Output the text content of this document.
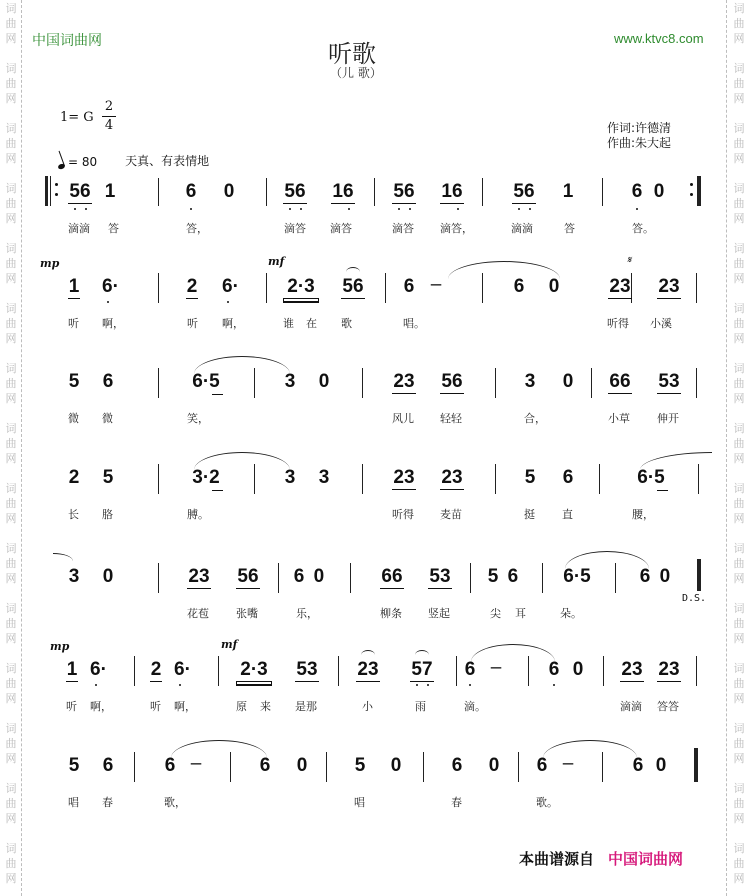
词
曲
网
词
曲
网
词
曲
网
词
曲
网
词
曲
网
词
曲
网
词
曲
网
词
曲
网
词
曲
网
词
曲
网
词
曲
网
词
曲
网
词
曲
网
词
曲
网
词
曲
网
词
曲
网
词
曲
网
词
曲
网
词
曲
网
词
曲
网
词
曲
网
词
曲
网
词
曲
网
词
曲
网
词
曲
网
词
曲
网
词
曲
网
词
曲
网
词
曲
网
词
曲
网
中国词曲网	www.ktvc8.com
听歌
（儿 歌）
1= G
2
4
= 80 天真、有表情地
作词:许德清
作曲:朱大起
56 1	6 0	56 16 56 16	56 1	6 0
滴滴 答	答，	滴答 滴答	滴答 滴答，	滴滴	答	答。
mp
1 6·	2 6·
mf
2·3 56 6 –	6 0
𝄋
23 23
听 啊，	听 啊，	谁 在 歌	唱。	听得 小溪
5 6	6·5	3 0	23 56	3 0 66 53
微 微	笑，	风儿 轻轻	合，	小草 伸开
2 5	3·2	3 3	23 23	5 6	6·5
长 胳	膊。	听得 麦苗	挺 直	腰，
3 0	23 56 6 0	66 53 5 6 6·5	6 0
D.S.
花苞 张嘴	乐，	柳条 竖起	尖 耳	朵。
mp
1 6· 2 6·
mf
2·3 53 23 57 6 – 6 0 23 23
听 啊，	听 啊，	原 来 是那	小	雨	滴。	滴滴 答答
5 6	6 –	6 0 5 0	6 0 6 –	6 0
唱 春	歌，	唱	春	歌。
本曲谱源自 中国词曲网
